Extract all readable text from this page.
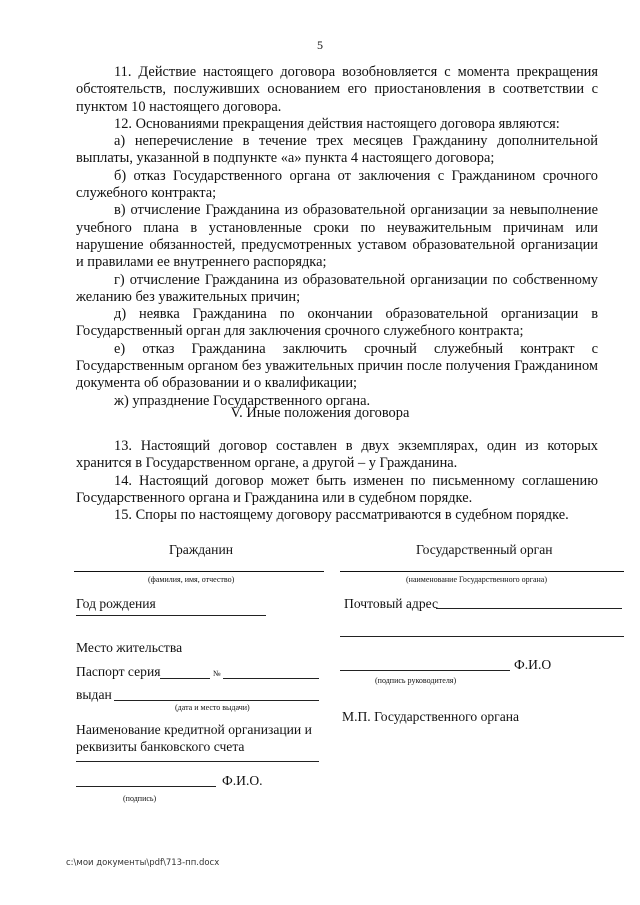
5

11. Действие настоящего договора возобновляется с момента прекращения обстоятельств, послуживших основанием его приостановления в соответствии с пунктом 10 настоящего договора.

12. Основаниями прекращения действия настоящего договора являются:

а) неперечисление в течение трех месяцев Гражданину дополнительной выплаты, указанной в подпункте «а» пункта 4 настоящего договора;

б) отказ Государственного органа от заключения с Гражданином срочного служебного контракта;

в) отчисление Гражданина из образовательной организации за невыполнение учебного плана в установленные сроки по неуважительным причинам или нарушение обязанностей, предусмотренных уставом образовательной организации и правилами ее внутреннего распорядка;

г) отчисление Гражданина из образовательной организации по собственному желанию без уважительных причин;

д) неявка Гражданина по окончании образовательной организации в Государственный орган для заключения срочного служебного контракта;

е) отказ Гражданина заключить срочный служебный контракт с Государственным органом без уважительных причин после получения Гражданином документа об образовании и о квалификации;

ж) упразднение Государственного органа.

V. Иные положения договора

13. Настоящий договор составлен в двух экземплярах, один из которых хранится в Государственном органе, а другой – у Гражданина.

14. Настоящий договор может быть изменен по письменному соглашению Государственного органа и Гражданина или в судебном порядке.

15. Споры по настоящему договору рассматриваются в судебном порядке.

Гражданин
(фамилия, имя, отчество)
Год рождения
Место жительства
Паспорт серия	№
выдан
(дата и место выдачи)
Наименование кредитной организации и
реквизиты банковского счета
Ф.И.О.
(подпись)
Государственный орган
(наименование Государственного органа)
Почтовый адрес
Ф.И.О
(подпись руководителя)
М.П. Государственного органа
c:\мои документы\pdf\713-пп.docx
